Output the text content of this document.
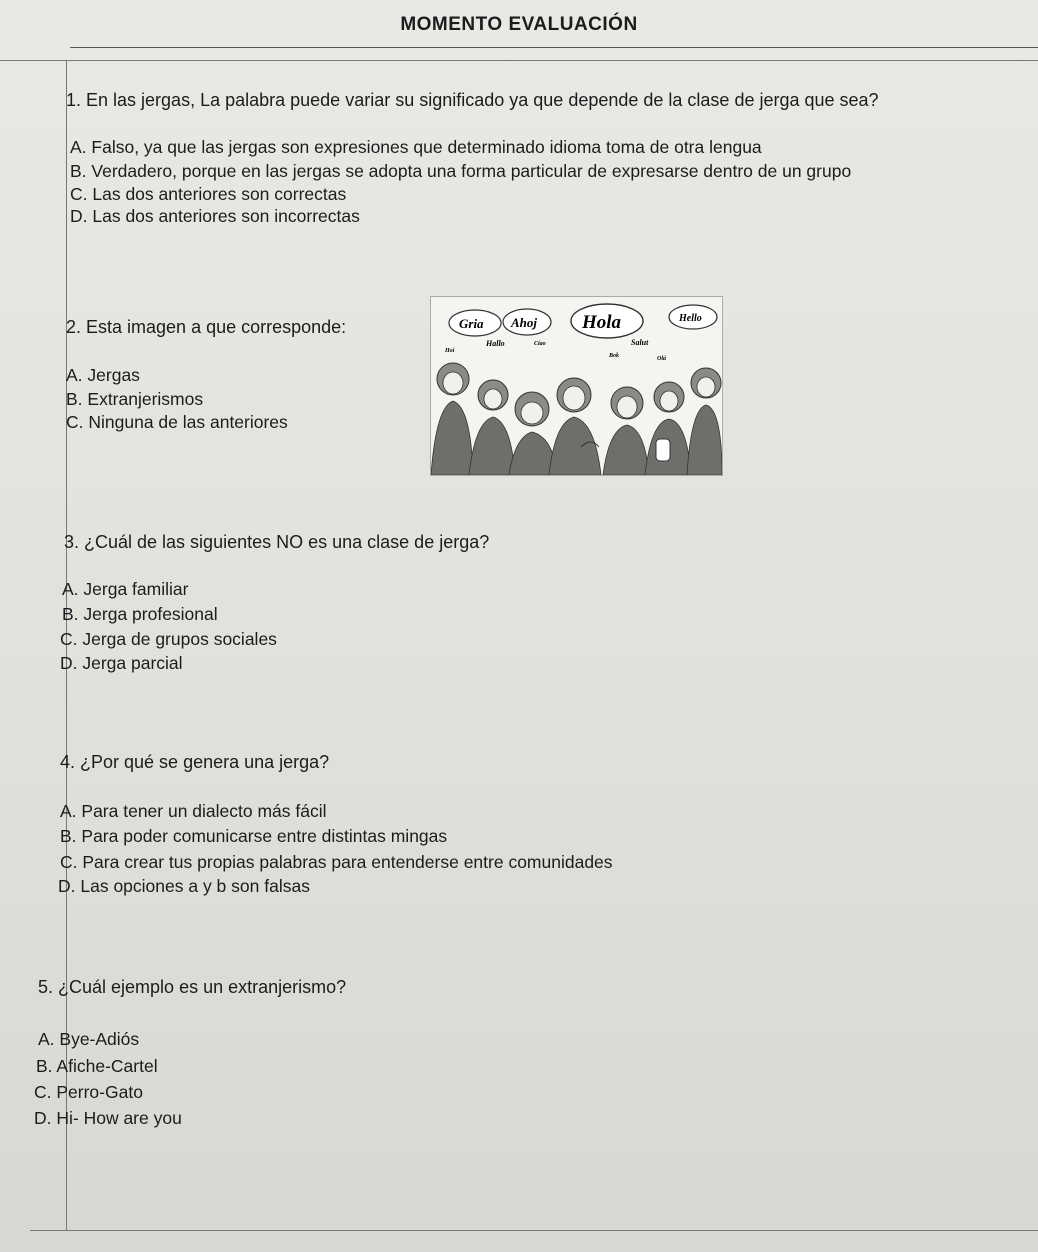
MOMENTO EVALUACIÓN
1. En las jergas, La palabra puede variar su significado ya que depende de la clase de jerga que sea?
A. Falso, ya que las jergas son expresiones que determinado idioma toma de otra lengua
B. Verdadero, porque en las jergas se adopta una forma particular de expresarse dentro de un grupo
C. Las dos anteriores son correctas
D. Las dos anteriores son incorrectas
2. Esta imagen a que corresponde:
A. Jergas
B. Extranjerismos
C. Ninguna de las anteriores
Gria Ahoj Hola	Hello
Hallo	Ciao	Salut
Hoi
Bok	Olá
3. ¿Cuál de las siguientes NO es una clase de jerga?
A. Jerga familiar
B. Jerga profesional
C. Jerga de grupos sociales
D. Jerga parcial
4. ¿Por qué se genera una jerga?
A. Para tener un dialecto más fácil
B. Para poder comunicarse entre distintas mingas
C. Para crear tus propias palabras para entenderse entre comunidades
D. Las opciones a y b son falsas
5. ¿Cuál ejemplo es un extranjerismo?
A. Bye-Adiós
B. Afiche-Cartel
C. Perro-Gato
D. Hi- How are you
